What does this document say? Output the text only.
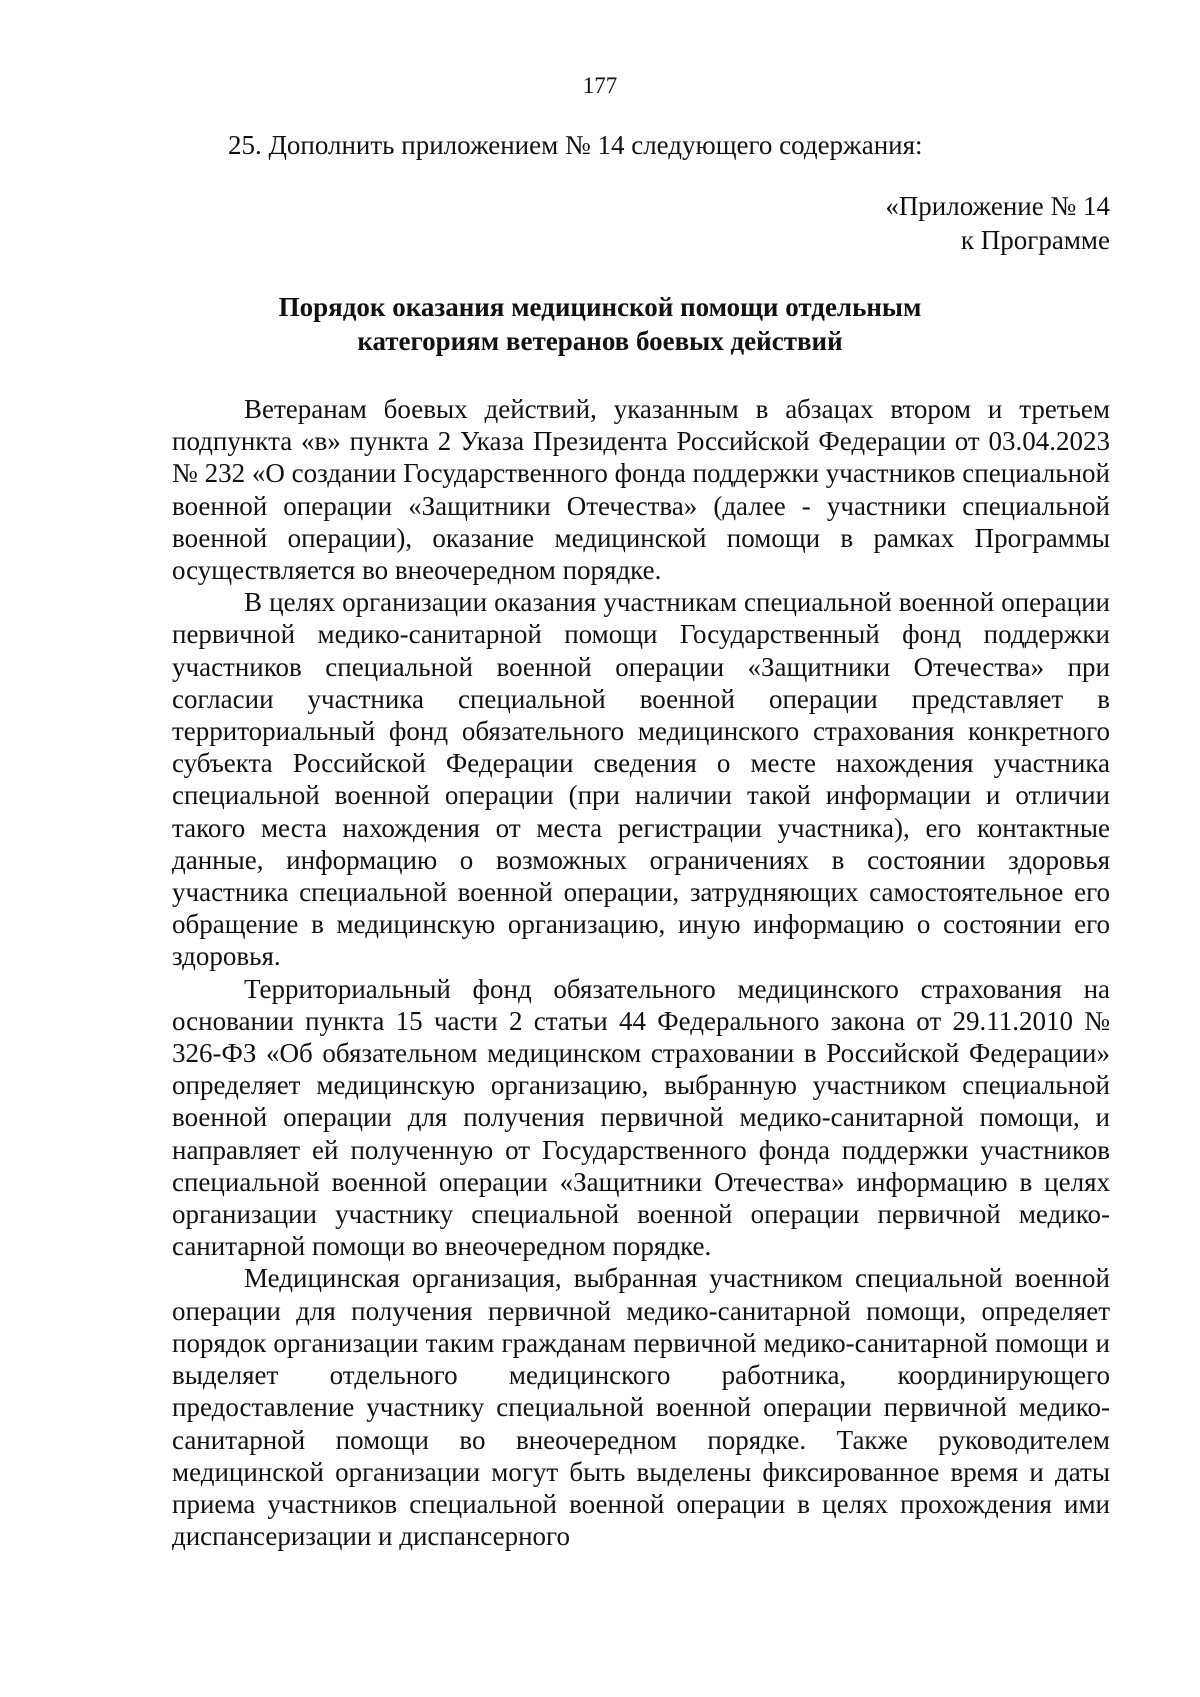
177
25. Дополнить приложением № 14 следующего содержания:
«Приложение № 14
к Программе
Порядок оказания медицинской помощи отдельным
категориям ветеранов боевых действий

Ветеранам боевых действий, указанным в абзацах втором и третьем подпункта «в» пункта 2 Указа Президента Российской Федерации от 03.04.2023 № 232 «О создании Государственного фонда поддержки участников специальной военной операции «Защитники Отечества» (далее - участники специальной военной операции), оказание медицинской помощи в рамках Программы осуществляется во внеочередном порядке.

В целях организации оказания участникам специальной военной операции первичной медико-санитарной помощи Государственный фонд поддержки участников специальной военной операции «Защитники Отечества» при согласии участника специальной военной операции представляет в территориальный фонд обязательного медицинского страхования конкретного субъекта Российской Федерации сведения о месте нахождения участника специальной военной операции (при наличии такой информации и отличии такого места нахождения от места регистрации участника), его контактные данные, информацию о возможных ограничениях в состоянии здоровья участника специальной военной операции, затрудняющих самостоятельное его обращение в медицинскую организацию, иную информацию о состоянии его здоровья.

Территориальный фонд обязательного медицинского страхования на основании пункта 15 части 2 статьи 44 Федерального закона от 29.11.2010 № 326-ФЗ «Об обязательном медицинском страховании в Российской Федерации» определяет медицинскую организацию, выбранную участником специальной военной операции для получения первичной медико-санитарной помощи, и направляет ей полученную от Государственного фонда поддержки участников специальной военной операции «Защитники Отечества» информацию в целях организации участнику специальной военной операции первичной медико-санитарной помощи во внеочередном порядке.

Медицинская организация, выбранная участником специальной военной операции для получения первичной медико-санитарной помощи, определяет порядок организации таким гражданам первичной медико-санитарной помощи и выделяет отдельного медицинского работника, координирующего предоставление участнику специальной военной операции первичной медико-санитарной помощи во внеочередном порядке. Также руководителем медицинской организации могут быть выделены фиксированное время и даты приема участников специальной военной операции в целях прохождения ими диспансеризации и диспансерного
